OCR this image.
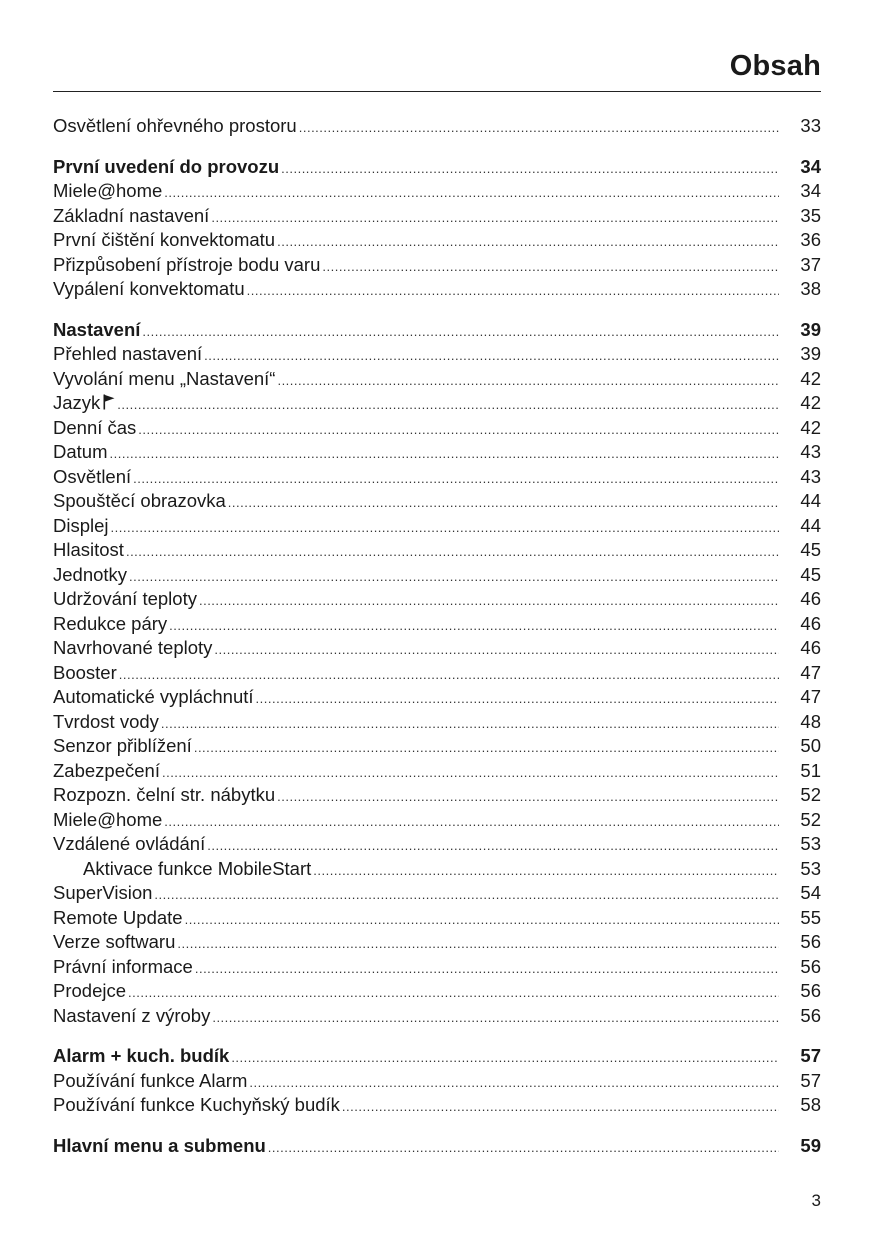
Obsah
Osvětlení ohřevného prostoru .....	33
První uvedení do provozu .....	34
Miele@home .....	34
Základní nastavení .....	35
První čištění konvektomatu .....	36
Přizpůsobení přístroje bodu varu .....	37
Vypálení konvektomatu .....	38
Nastavení .....	39
Přehled nastavení .....	39
Vyvolání menu „Nastavení“ .....	42
Jazyk .....	42
Denní čas .....	42
Datum .....	43
Osvětlení .....	43
Spouštěcí obrazovka .....	44
Displej .....	44
Hlasitost .....	45
Jednotky .....	45
Udržování teploty .....	46
Redukce páry .....	46
Navrhované teploty .....	46
Booster .....	47
Automatické vypláchnutí .....	47
Tvrdost vody .....	48
Senzor přiblížení .....	50
Zabezpečení .....	51
Rozpozn. čelní str. nábytku .....	52
Miele@home .....	52
Vzdálené ovládání .....	53
Aktivace funkce MobileStart .....	53
SuperVision .....	54
Remote Update .....	55
Verze softwaru .....	56
Právní informace .....	56
Prodejce .....	56
Nastavení z výroby .....	56
Alarm + kuch. budík .....	57
Používání funkce Alarm .....	57
Používání funkce Kuchyňský budík .....	58
Hlavní menu a submenu .....	59
3
